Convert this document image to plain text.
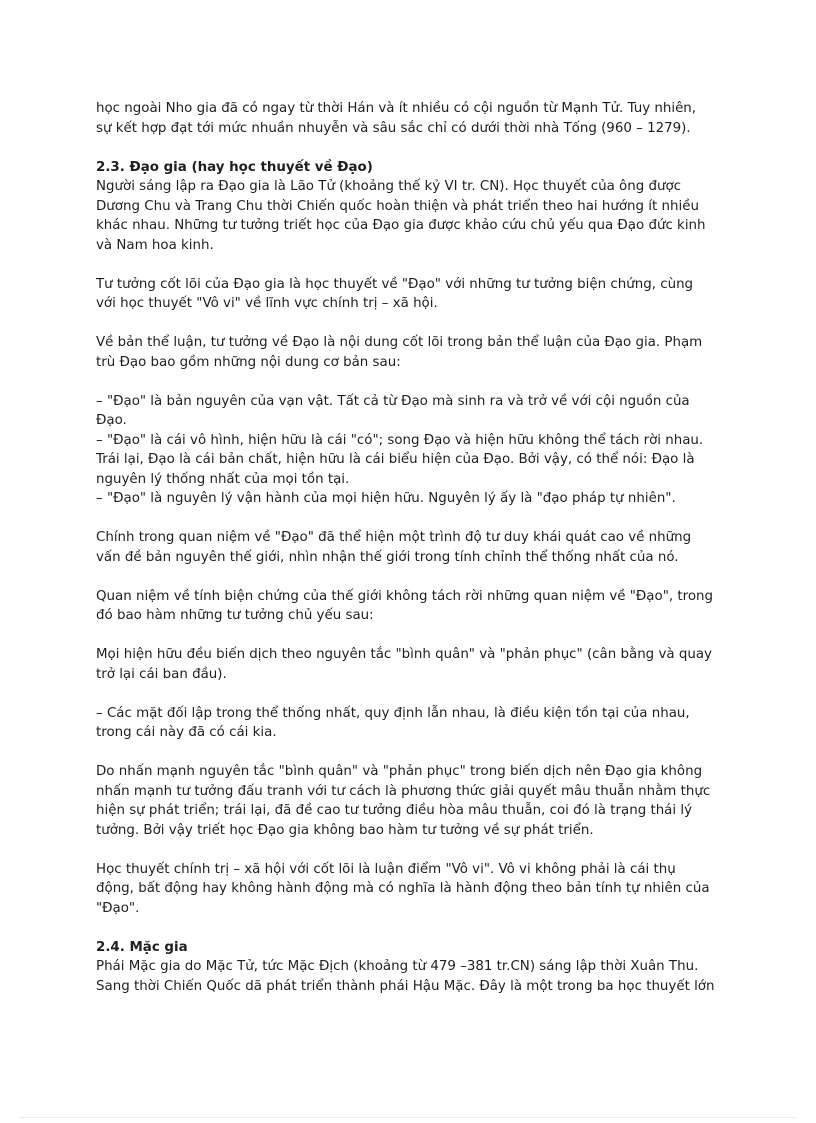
học ngoài Nho gia đã có ngay từ thời Hán và ít nhiều có cội nguồn từ Mạnh Tử. Tuy nhiên,
sự kết hợp đạt tới mức nhuần nhuyễn và sâu sắc chỉ có dưới thời nhà Tống (960 – 1279).

2.3. Đạo gia (hay học thuyết về Đạo)

Người sáng lập ra Đạo gia là Lão Tử (khoảng thế kỷ VI tr. CN). Học thuyết của ông được
Dương Chu và Trang Chu thời Chiến quốc hoàn thiện và phát triển theo hai hướng ít nhiều
khác nhau. Những tư tưởng triết học của Đạo gia được khảo cứu chủ yếu qua Đạo đức kinh
và Nam hoa kinh.

Tư tưởng cốt lõi của Đạo gia là học thuyết về "Đạo" với những tư tưởng biện chứng, cùng
với học thuyết "Vô vi" về lĩnh vực chính trị – xã hội.

Về bản thể luận, tư tưởng về Đạo là nội dung cốt lõi trong bản thể luận của Đạo gia. Phạm
trù Đạo bao gồm những nội dung cơ bản sau:

– "Đạo" là bản nguyên của vạn vật. Tất cả từ Đạo mà sinh ra và trở về với cội nguồn của
Đạo.
– "Đạo" là cái vô hình, hiện hữu là cái "có"; song Đạo và hiện hữu không thể tách rời nhau.
Trái lại, Đạo là cái bản chất, hiện hữu là cái biểu hiện của Đạo. Bởi vậy, có thể nói: Đạo là
nguyên lý thống nhất của mọi tồn tại.
– "Đạo" là nguyên lý vận hành của mọi hiện hữu. Nguyên lý ấy là "đạo pháp tự nhiên".

Chính trong quan niệm về "Đạo" đã thể hiện một trình độ tư duy khái quát cao về những
vấn đề bản nguyên thế giới, nhìn nhận thế giới trong tính chỉnh thể thống nhất của nó.

Quan niệm về tính biện chứng của thế giới không tách rời những quan niệm về "Đạo", trong
đó bao hàm những tư tưởng chủ yếu sau:

Mọi hiện hữu đều biến dịch theo nguyên tắc "bình quân" và "phản phục" (cân bằng và quay
trở lại cái ban đầu).

– Các mặt đối lập trong thể thống nhất, quy định lẫn nhau, là điều kiện tồn tại của nhau,
trong cái này đã có cái kia.

Do nhấn mạnh nguyên tắc "bình quân" và "phản phục" trong biến dịch nên Đạo gia không
nhấn mạnh tư tưởng đấu tranh với tư cách là phương thức giải quyết mâu thuẫn nhằm thực
hiện sự phát triển; trái lại, đã đề cao tư tưởng điều hòa mâu thuẫn, coi đó là trạng thái lý
tưởng. Bởi vậy triết học Đạo gia không bao hàm tư tưởng về sự phát triển.

Học thuyết chính trị – xã hội với cốt lõi là luận điểm "Vô vi". Vô vi không phải là cái thụ
động, bất động hay không hành động mà có nghĩa là hành động theo bản tính tự nhiên của
"Đạo".

2.4. Mặc gia

Phái Mặc gia do Mặc Tử, tức Mặc Địch (khoảng từ 479 –381 tr.CN) sáng lập thời Xuân Thu.
Sang thời Chiến Quốc dã phát triển thành phái Hậu Mặc. Đây là một trong ba học thuyết lớn
